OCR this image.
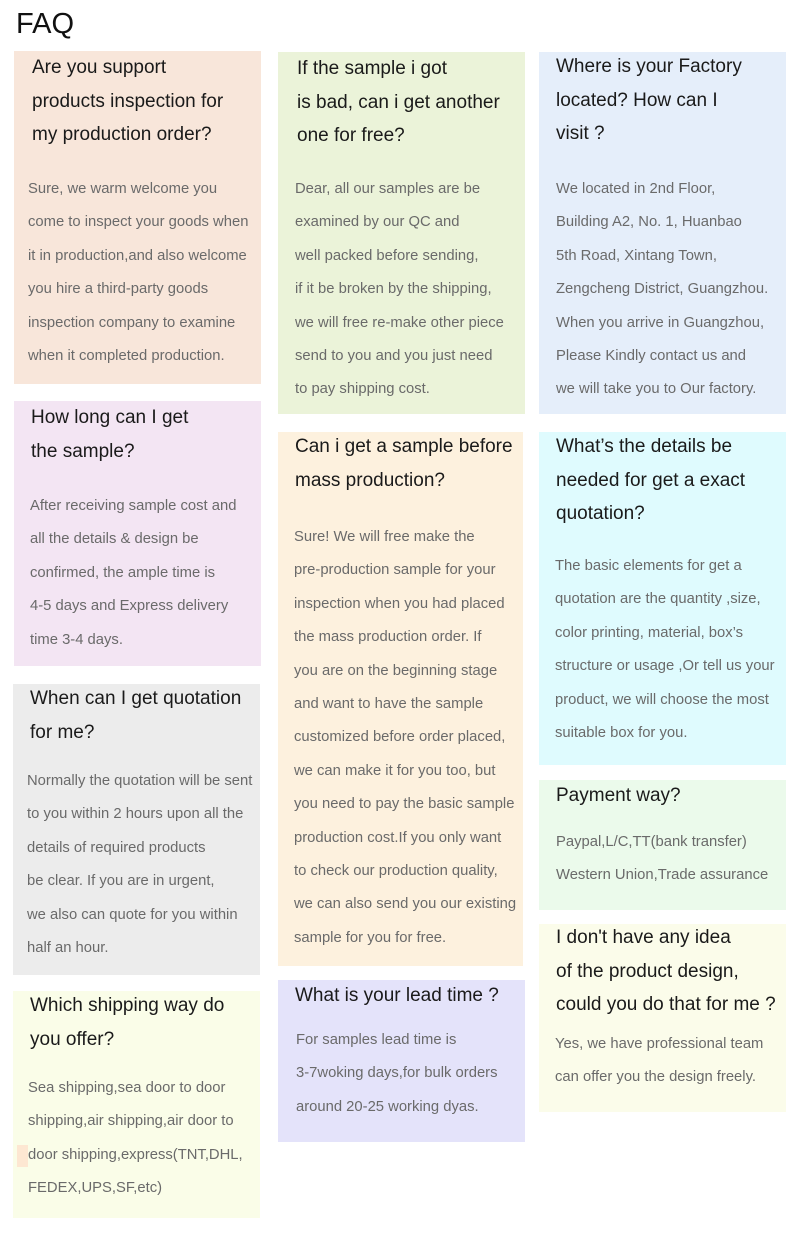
FAQ

Are you support
products inspection for
my production order?

Sure, we warm welcome you
come to inspect your goods when
it in production,and also welcome
you hire a third-party goods
inspection company to examine
when it completed production.

How long can I get
the sample?

After receiving sample cost and
all the details & design be
confirmed, the ample time is
4-5 days and Express delivery
time 3-4 days.

When can I get quotation
for me?

Normally the quotation will be sent
to you within 2 hours upon all the
details of required products
be clear. If you are in urgent,
we also can quote for you within
half an hour.

Which shipping way do
you offer?

Sea shipping,sea door to door
shipping,air shipping,air door to
door shipping,express(TNT,DHL,
FEDEX,UPS,SF,etc)

If the sample i got
is bad, can i get another
one for free?

Dear, all our samples are be
examined by our QC and
well packed before sending,
if it be broken by the shipping,
we will free re-make other piece
send to you and you just need
to pay shipping cost.

Can i get a sample before
mass production?

Sure! We will free make the
pre-production sample for your
inspection when you had placed
the mass production order. If
you are on the beginning stage
and want to have the sample
customized before order placed,
we can make it for you too, but
you need to pay the basic sample
production cost.If you only want
to check our production quality,
we can also send you our existing
sample for you for free.

What is your lead time ?

For samples lead time is
3-7woking days,for bulk orders
around 20-25 working dyas.

Where is your Factory
located? How can I
visit ?

We located in 2nd Floor,
Building A2, No. 1, Huanbao
5th Road, Xintang Town,
Zengcheng District, Guangzhou.
When you arrive in Guangzhou,
Please Kindly contact us and
we will take you to Our factory.

What’s the details be
needed for get a exact
quotation?

The basic elements for get a
quotation are the quantity ,size,
color printing, material, box’s
structure or usage ,Or tell us your
product, we will choose the most
suitable box for you.

Payment way?

Paypal,L/C,TT(bank transfer)
Western Union,Trade assurance

I don't have any idea
of the product design,
could you do that for me ?

Yes, we have professional team
can offer you the design freely.
